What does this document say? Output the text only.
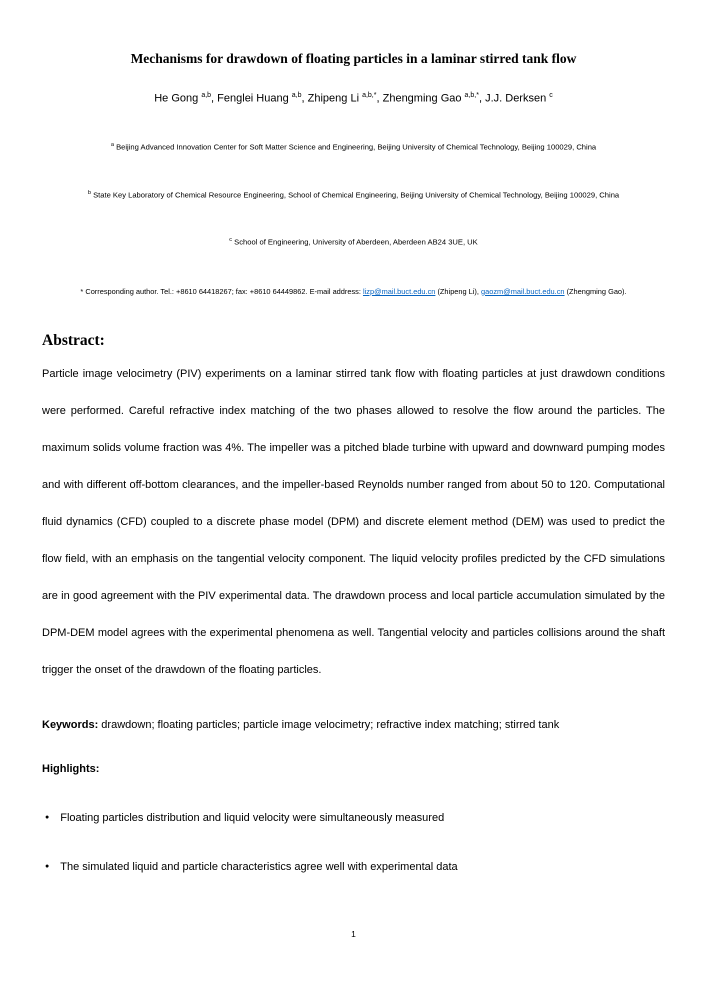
Mechanisms for drawdown of floating particles in a laminar stirred tank flow

He Gong $^{a,b}$, Fenglei Huang $^{a,b}$, Zhipeng Li $^{a,b,*}$, Zhengming Gao $^{a,b,*}$, J.J. Derksen $^c$

$^a$ Beijing Advanced Innovation Center for Soft Matter Science and Engineering, Beijing University of Chemical Technology, Beijing 100029, China

$^b$ State Key Laboratory of Chemical Resource Engineering, School of Chemical Engineering, Beijing University of Chemical Technology, Beijing 100029, China

$^c$ School of Engineering, University of Aberdeen, Aberdeen AB24 3UE, UK

* Corresponding author. Tel.: +8610 64418267; fax: +8610 64449862. E-mail address: lizp@mail.buct.edu.cn (Zhipeng Li), gaozm@mail.buct.edu.cn (Zhengming Gao).

Abstract:

Particle image velocimetry (PIV) experiments on a laminar stirred tank flow with floating particles at just drawdown conditions were performed. Careful refractive index matching of the two phases allowed to resolve the flow around the particles. The maximum solids volume fraction was 4%. The impeller was a pitched blade turbine with upward and downward pumping modes and with different off-bottom clearances, and the impeller-based Reynolds number ranged from about 50 to 120. Computational fluid dynamics (CFD) coupled to a discrete phase model (DPM) and discrete element method (DEM) was used to predict the flow field, with an emphasis on the tangential velocity component. The liquid velocity profiles predicted by the CFD simulations are in good agreement with the PIV experimental data. The drawdown process and local particle accumulation simulated by the DPM-DEM model agrees with the experimental phenomena as well. Tangential velocity and particles collisions around the shaft trigger the onset of the drawdown of the floating particles.

Keywords: drawdown; floating particles; particle image velocimetry; refractive index matching; stirred tank

Highlights:
● Floating particles distribution and liquid velocity were simultaneously measured
● The simulated liquid and particle characteristics agree well with experimental data
1
